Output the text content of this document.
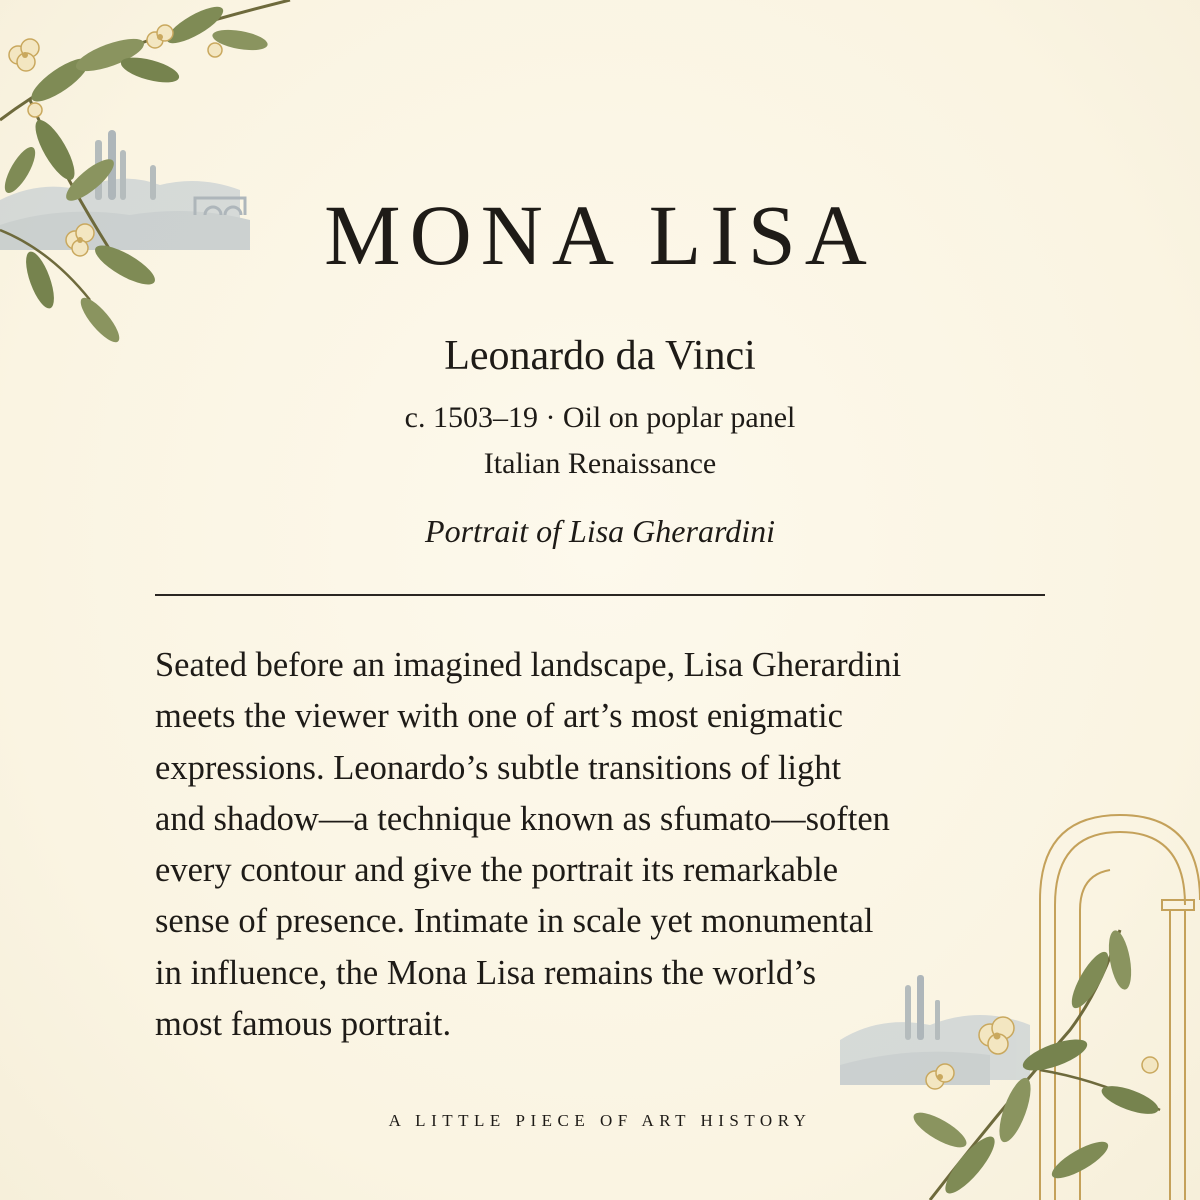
MONA LISA
Leonardo da Vinci
c. 1503–19 · Oil on poplar panel
Italian Renaissance
Portrait of Lisa Gherardini

Seated before an imagined landscape, Lisa Gherardini
meets the viewer with one of art’s most enigmatic
expressions. Leonardo’s subtle transitions of light
and shadow—a technique known as sfumato—soften
every contour and give the portrait its remarkable
sense of presence. Intimate in scale yet monumental
in influence, the Mona Lisa remains the world’s
most famous portrait.

A LITTLE PIECE OF ART HISTORY
